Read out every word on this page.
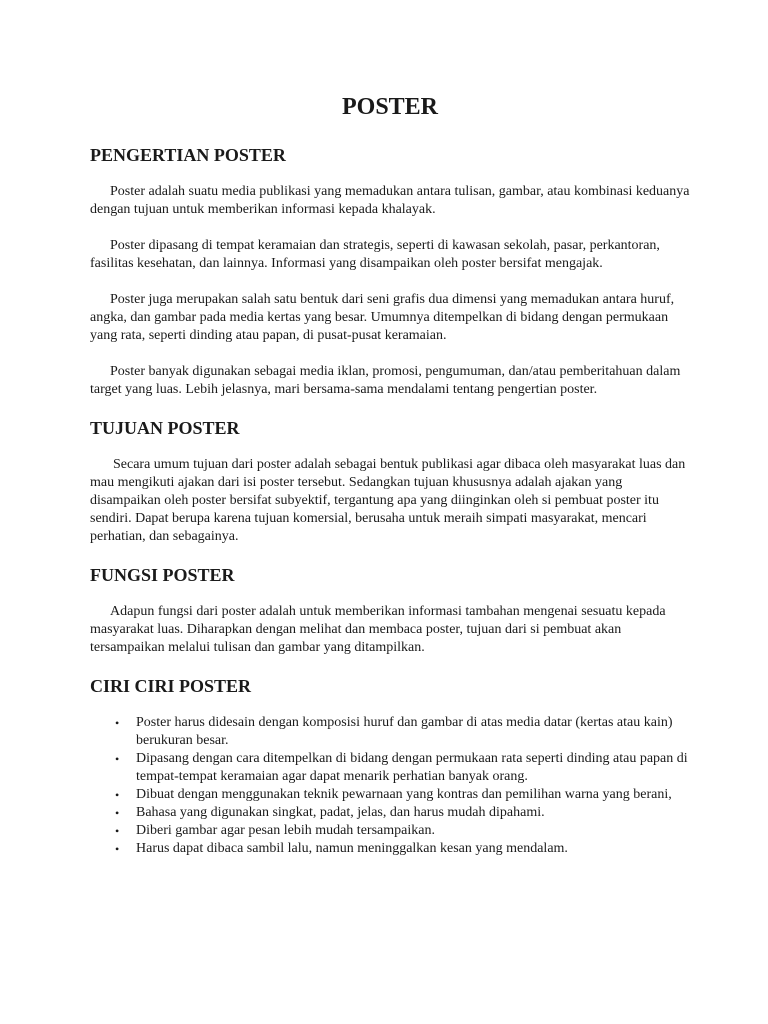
POSTER
PENGERTIAN POSTER

Poster adalah suatu media publikasi yang memadukan antara tulisan, gambar, atau kombinasi keduanya dengan tujuan untuk memberikan informasi kepada khalayak.

Poster dipasang di tempat keramaian dan strategis, seperti di kawasan sekolah, pasar, perkantoran, fasilitas kesehatan, dan lainnya. Informasi yang disampaikan oleh poster bersifat mengajak.

Poster juga merupakan salah satu bentuk dari seni grafis dua dimensi yang memadukan antara huruf, angka, dan gambar pada media kertas yang besar. Umumnya ditempelkan di bidang dengan permukaan yang rata, seperti dinding atau papan, di pusat-pusat keramaian.

Poster banyak digunakan sebagai media iklan, promosi, pengumuman, dan/atau pemberitahuan dalam target yang luas. Lebih jelasnya, mari bersama-sama mendalami tentang pengertian poster.

TUJUAN POSTER

Secara umum tujuan dari poster adalah sebagai bentuk publikasi agar dibaca oleh masyarakat luas dan mau mengikuti ajakan dari isi poster tersebut. Sedangkan tujuan khususnya adalah ajakan yang disampaikan oleh poster bersifat subyektif, tergantung apa yang diinginkan oleh si pembuat poster itu sendiri. Dapat berupa karena tujuan komersial, berusaha untuk meraih simpati masyarakat, mencari perhatian, dan sebagainya.

FUNGSI POSTER

Adapun fungsi dari poster adalah untuk memberikan informasi tambahan mengenai sesuatu kepada masyarakat luas. Diharapkan dengan melihat dan membaca poster, tujuan dari si pembuat akan tersampaikan melalui tulisan dan gambar yang ditampilkan.

CIRI CIRI POSTER
• Poster harus didesain dengan komposisi huruf dan gambar di atas media datar (kertas atau kain) berukuran besar.
• Dipasang dengan cara ditempelkan di bidang dengan permukaan rata seperti dinding atau papan di tempat-tempat keramaian agar dapat menarik perhatian banyak orang.
• Dibuat dengan menggunakan teknik pewarnaan yang kontras dan pemilihan warna yang berani,
• Bahasa yang digunakan singkat, padat, jelas, dan harus mudah dipahami.
• Diberi gambar agar pesan lebih mudah tersampaikan.
• Harus dapat dibaca sambil lalu, namun meninggalkan kesan yang mendalam.
